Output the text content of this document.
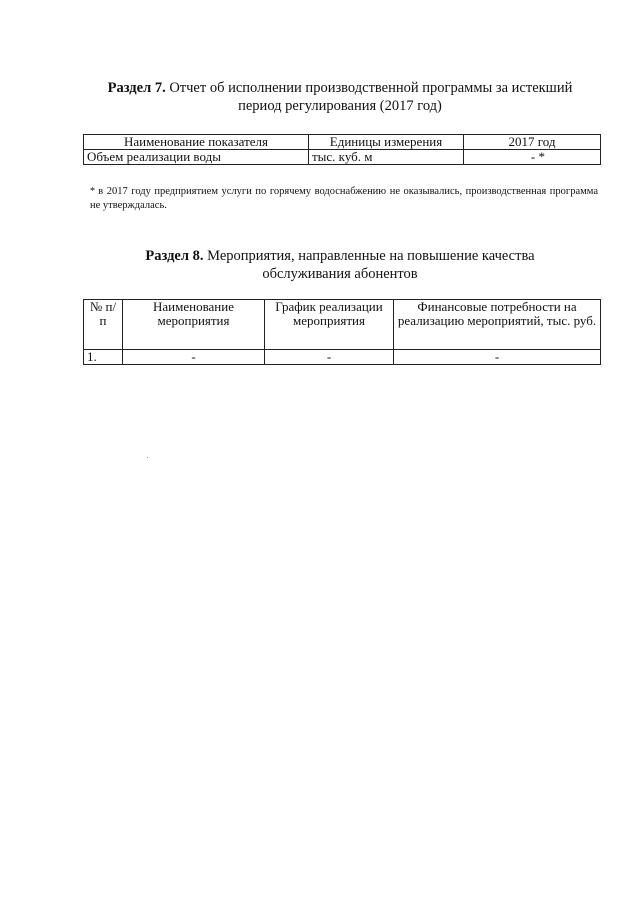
Раздел 7. Отчет об исполнении производственной программы за истекший
период регулирования (2017 год)
Наименование показателя	Единицы измерения	2017 год
Объем реализации воды	тыс. куб. м	- *
* в 2017 году предприятием услуги по горячему водоснабжению не оказывались, производственная программа не утверждалась.
Раздел 8. Мероприятия, направленные на повышение качества
обслуживания абонентов
№ п/п	Наименование мероприятия	График реализации мероприятия	Финансовые потребности на реализацию мероприятий, тыс. руб.
1.	-	-	-
